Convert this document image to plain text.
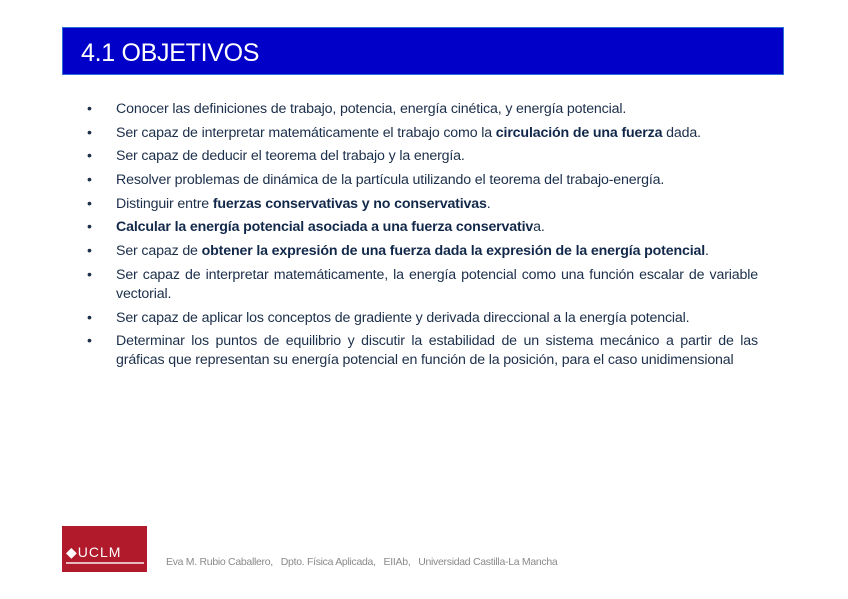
4.1 OBJETIVOS
• Conocer las definiciones de trabajo, potencia, energía cinética, y energía potencial.
• Ser capaz de interpretar matemáticamente el trabajo como la circulación de una fuerza dada.
• Ser capaz de deducir el teorema del trabajo y la energía.
• Resolver problemas de dinámica de la partícula utilizando el teorema del trabajo-energía.
• Distinguir entre fuerzas conservativas y no conservativas.
• Calcular la energía potencial asociada a una fuerza conservativa.
• Ser capaz de obtener la expresión de una fuerza dada la expresión de la energía potencial.
• Ser capaz de interpretar matemáticamente, la energía potencial como una función escalar de variable vectorial.
• Ser capaz de aplicar los conceptos de gradiente y derivada direccional a la energía potencial.
• Determinar los puntos de equilibrio y discutir la estabilidad de un sistema mecánico a partir de las gráficas que representan su energía potencial en función de la posición, para el caso unidimensional
◆UCLM
Eva M. Rubio Caballero,   Dpto. Física Aplicada,   EIIAb,   Universidad Castilla-La Mancha
